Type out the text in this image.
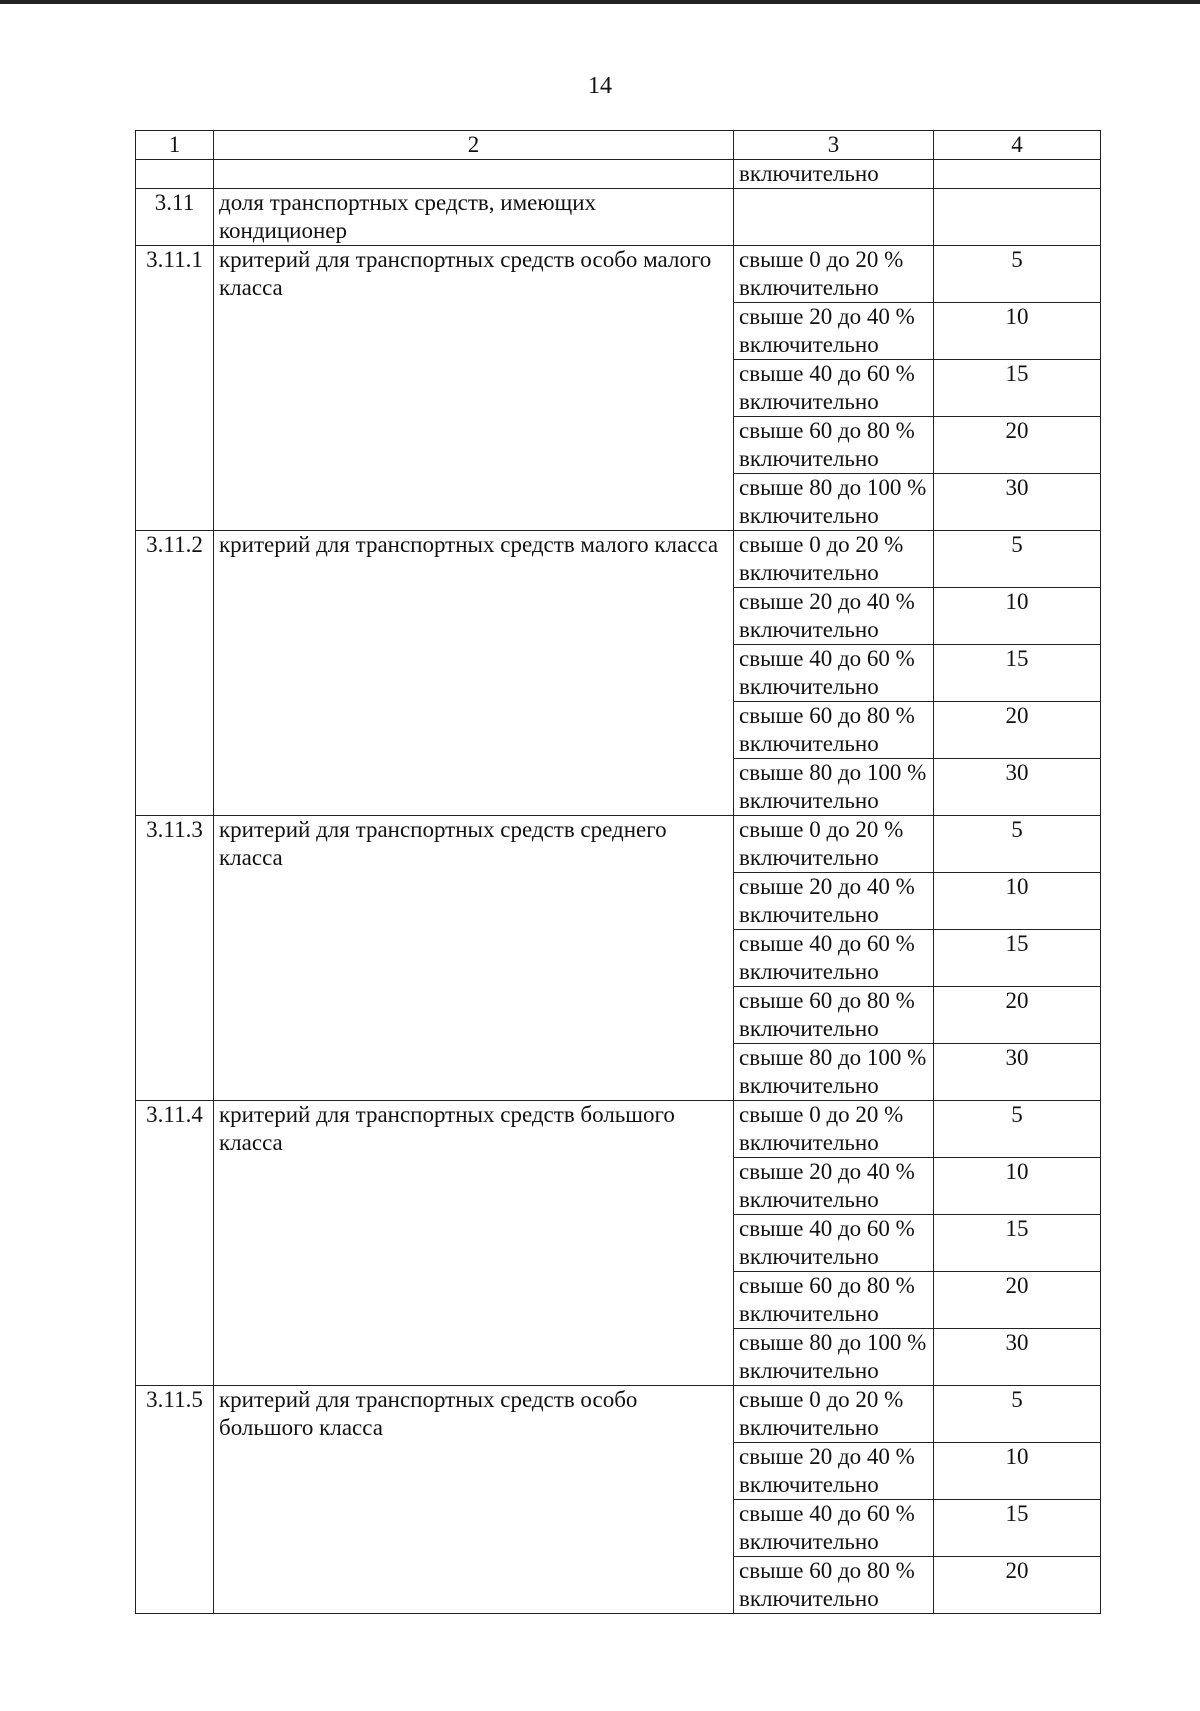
14
1	2	3	4
		включительно	
3.11	доля транспортных средств, имеющих кондиционер		
3.11.1	критерий для транспортных средств особо малого класса	свыше 0 до 20 %
включительно	5

		свыше 20 до 40 %
включительно	10

		свыше 40 до 60 %
включительно	15

		свыше 60 до 80 %
включительно	20

		свыше 80 до 100 %
включительно	30
3.11.2	критерий для транспортных средств малого класса	свыше 0 до 20 %
включительно	5

		свыше 20 до 40 %
включительно	10

		свыше 40 до 60 %
включительно	15

		свыше 60 до 80 %
включительно	20

		свыше 80 до 100 %
включительно	30
3.11.3	критерий для транспортных средств среднего класса	свыше 0 до 20 %
включительно	5

		свыше 20 до 40 %
включительно	10

		свыше 40 до 60 %
включительно	15

		свыше 60 до 80 %
включительно	20

		свыше 80 до 100 %
включительно	30
3.11.4	критерий для транспортных средств большого класса	свыше 0 до 20 %
включительно	5

		свыше 20 до 40 %
включительно	10

		свыше 40 до 60 %
включительно	15

		свыше 60 до 80 %
включительно	20

		свыше 80 до 100 %
включительно	30
3.11.5	критерий для транспортных средств особо большого класса	свыше 0 до 20 %
включительно	5

		свыше 20 до 40 %
включительно	10

		свыше 40 до 60 %
включительно	15

		свыше 60 до 80 %
включительно	20
